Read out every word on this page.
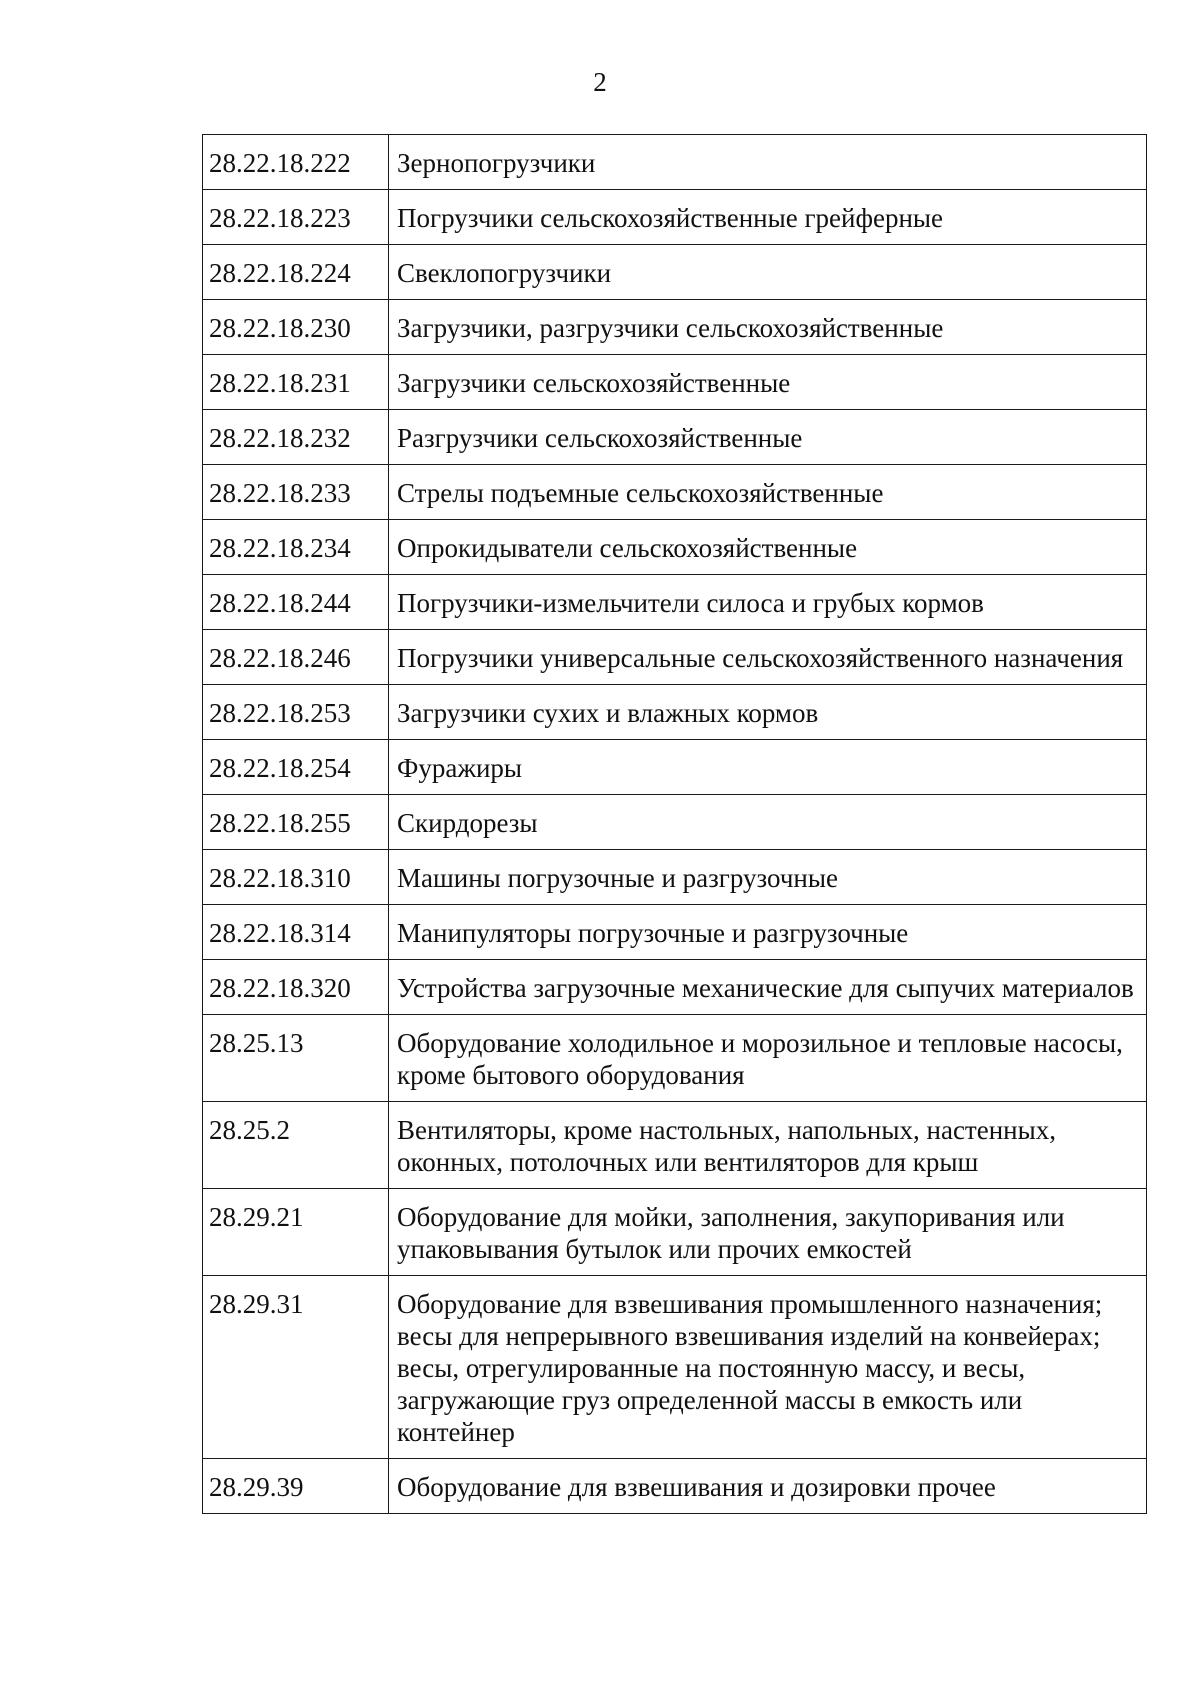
2
28.22.18.222	Зернопогрузчики
28.22.18.223	Погрузчики сельскохозяйственные грейферные
28.22.18.224	Свеклопогрузчики
28.22.18.230	Загрузчики, разгрузчики сельскохозяйственные
28.22.18.231	Загрузчики сельскохозяйственные
28.22.18.232	Разгрузчики сельскохозяйственные
28.22.18.233	Стрелы подъемные сельскохозяйственные
28.22.18.234	Опрокидыватели сельскохозяйственные
28.22.18.244	Погрузчики-измельчители силоса и грубых кормов
28.22.18.246	Погрузчики универсальные сельскохозяйственного назначения
28.22.18.253	Загрузчики сухих и влажных кормов
28.22.18.254	Фуражиры
28.22.18.255	Скирдорезы
28.22.18.310	Машины погрузочные и разгрузочные
28.22.18.314	Манипуляторы погрузочные и разгрузочные
28.22.18.320	Устройства загрузочные механические для сыпучих материалов
28.25.13	Оборудование холодильное и морозильное и тепловые насосы, кроме бытового оборудования
28.25.2	Вентиляторы, кроме настольных, напольных, настенных, оконных, потолочных или вентиляторов для крыш
28.29.21	Оборудование для мойки, заполнения, закупоривания или упаковывания бутылок или прочих емкостей
28.29.31	Оборудование для взвешивания промышленного назначения; весы для непрерывного взвешивания изделий на конвейерах; весы, отрегулированные на постоянную массу, и весы, загружающие груз определенной массы в емкость или контейнер
28.29.39	Оборудование для взвешивания и дозировки прочее
